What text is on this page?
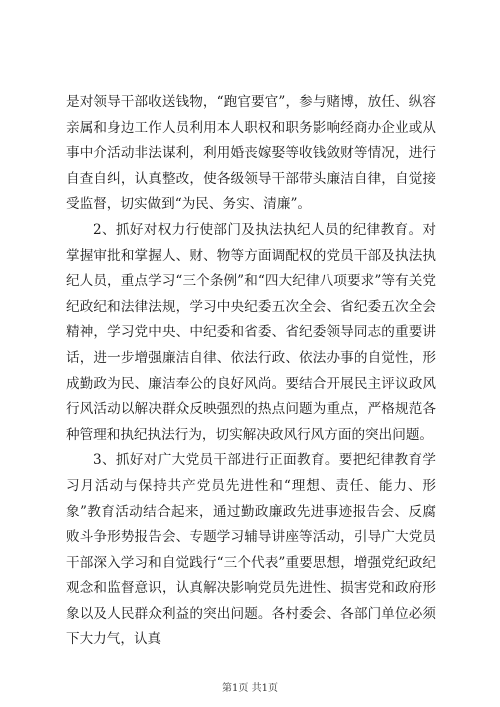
是对领导干部收送钱物，“跑官要官”，参与赌博，放任、纵容亲属和身边工作人员利用本人职权和职务影响经商办企业或从事中介活动非法谋利，利用婚丧嫁娶等收钱敛财等情况，进行自查自纠，认真整改，使各级领导干部带头廉洁自律，自觉接受监督，切实做到“为民、务实、清廉”。

2、抓好对权力行使部门及执法执纪人员的纪律教育。对掌握审批和掌握人、财、物等方面调配权的党员干部及执法执纪人员，重点学习“三个条例”和“四大纪律八项要求”等有关党纪政纪和法律法规，学习中央纪委五次全会、省纪委五次全会精神，学习党中央、中纪委和省委、省纪委领导同志的重要讲话，进一步增强廉洁自律、依法行政、依法办事的自觉性，形成勤政为民、廉洁奉公的良好风尚。要结合开展民主评议政风行风活动以解决群众反映强烈的热点问题为重点，严格规范各种管理和执纪执法行为，切实解决政风行风方面的突出问题。

3、抓好对广大党员干部进行正面教育。要把纪律教育学习月活动与保持共产党员先进性和“理想、责任、能力、形象”教育活动结合起来，通过勤政廉政先进事迹报告会、反腐败斗争形势报告会、专题学习辅导讲座等活动，引导广大党员干部深入学习和自觉践行“三个代表”重要思想，增强党纪政纪观念和监督意识，认真解决影响党员先进性、损害党和政府形象以及人民群众利益的突出问题。各村委会、各部门单位必须下大力气，认真

第1页 共1页
